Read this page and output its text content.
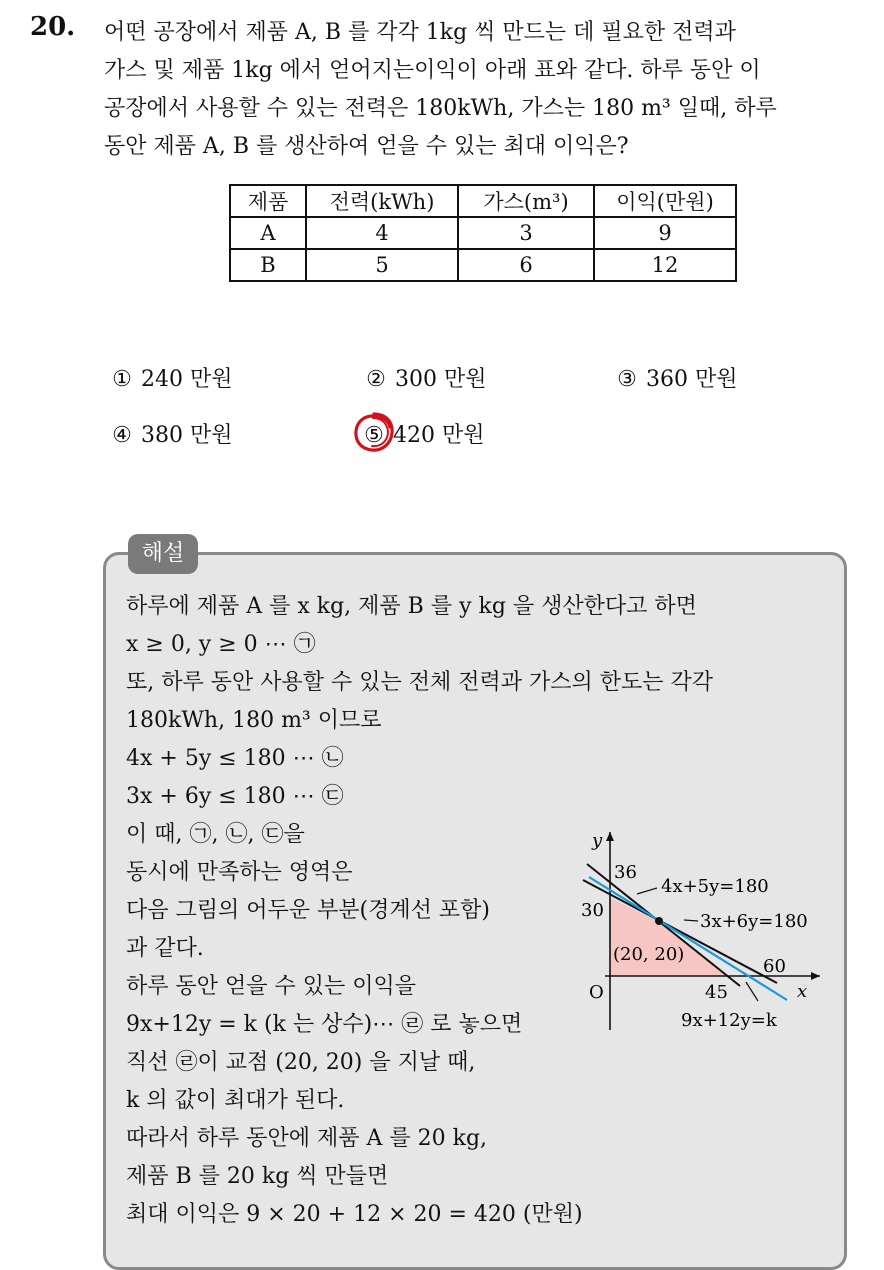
20. 어떤 공장에서 제품 A, B 를 각각 1kg 씩 만드는 데 필요한 전력과
가스 및 제품 1kg 에서 얻어지는이익이 아래 표와 같다. 하루 동안 이
공장에서 사용할 수 있는 전력은 180kWh, 가스는 180 m³ 일때, 하루
동안 제품 A, B 를 생산하여 얻을 수 있는 최대 이익은?
제품	전력(kWh)	가스(m³)	이익(만원)
A	4	3	9
B	5	6	12
① 240 만원	② 300 만원	③ 360 만원
④ 380 만원	⑤ 420 만원
해설
하루에 제품 A 를 x kg, 제품 B 를 y kg 을 생산한다고 하면
x ≥ 0, y ≥ 0 ⋯ ㉠
또, 하루 동안 사용할 수 있는 전체 전력과 가스의 한도는 각각
180kWh, 180 m³ 이므로
4x + 5y ≤ 180 ⋯ ㉡
3x + 6y ≤ 180 ⋯ ㉢
이 때, ㉠, ㉡, ㉢을
동시에 만족하는 영역은
다음 그림의 어두운 부분(경계선 포함)
과 같다.
하루 동안 얻을 수 있는 이익을
9x+12y = k (k 는 상수)⋯ ㉣ 로 놓으면
직선 ㉣이 교점 (20, 20) 을 지날 때,
k 의 값이 최대가 된다.
따라서 하루 동안에 제품 A 를 20 kg,
제품 B 를 20 kg 씩 만들면
최대 이익은 9 × 20 + 12 × 20 = 420 (만원)
y
x
O
36
30
45
60
(20, 20)
4x+5y=180
3x+6y=180
9x+12y=k
